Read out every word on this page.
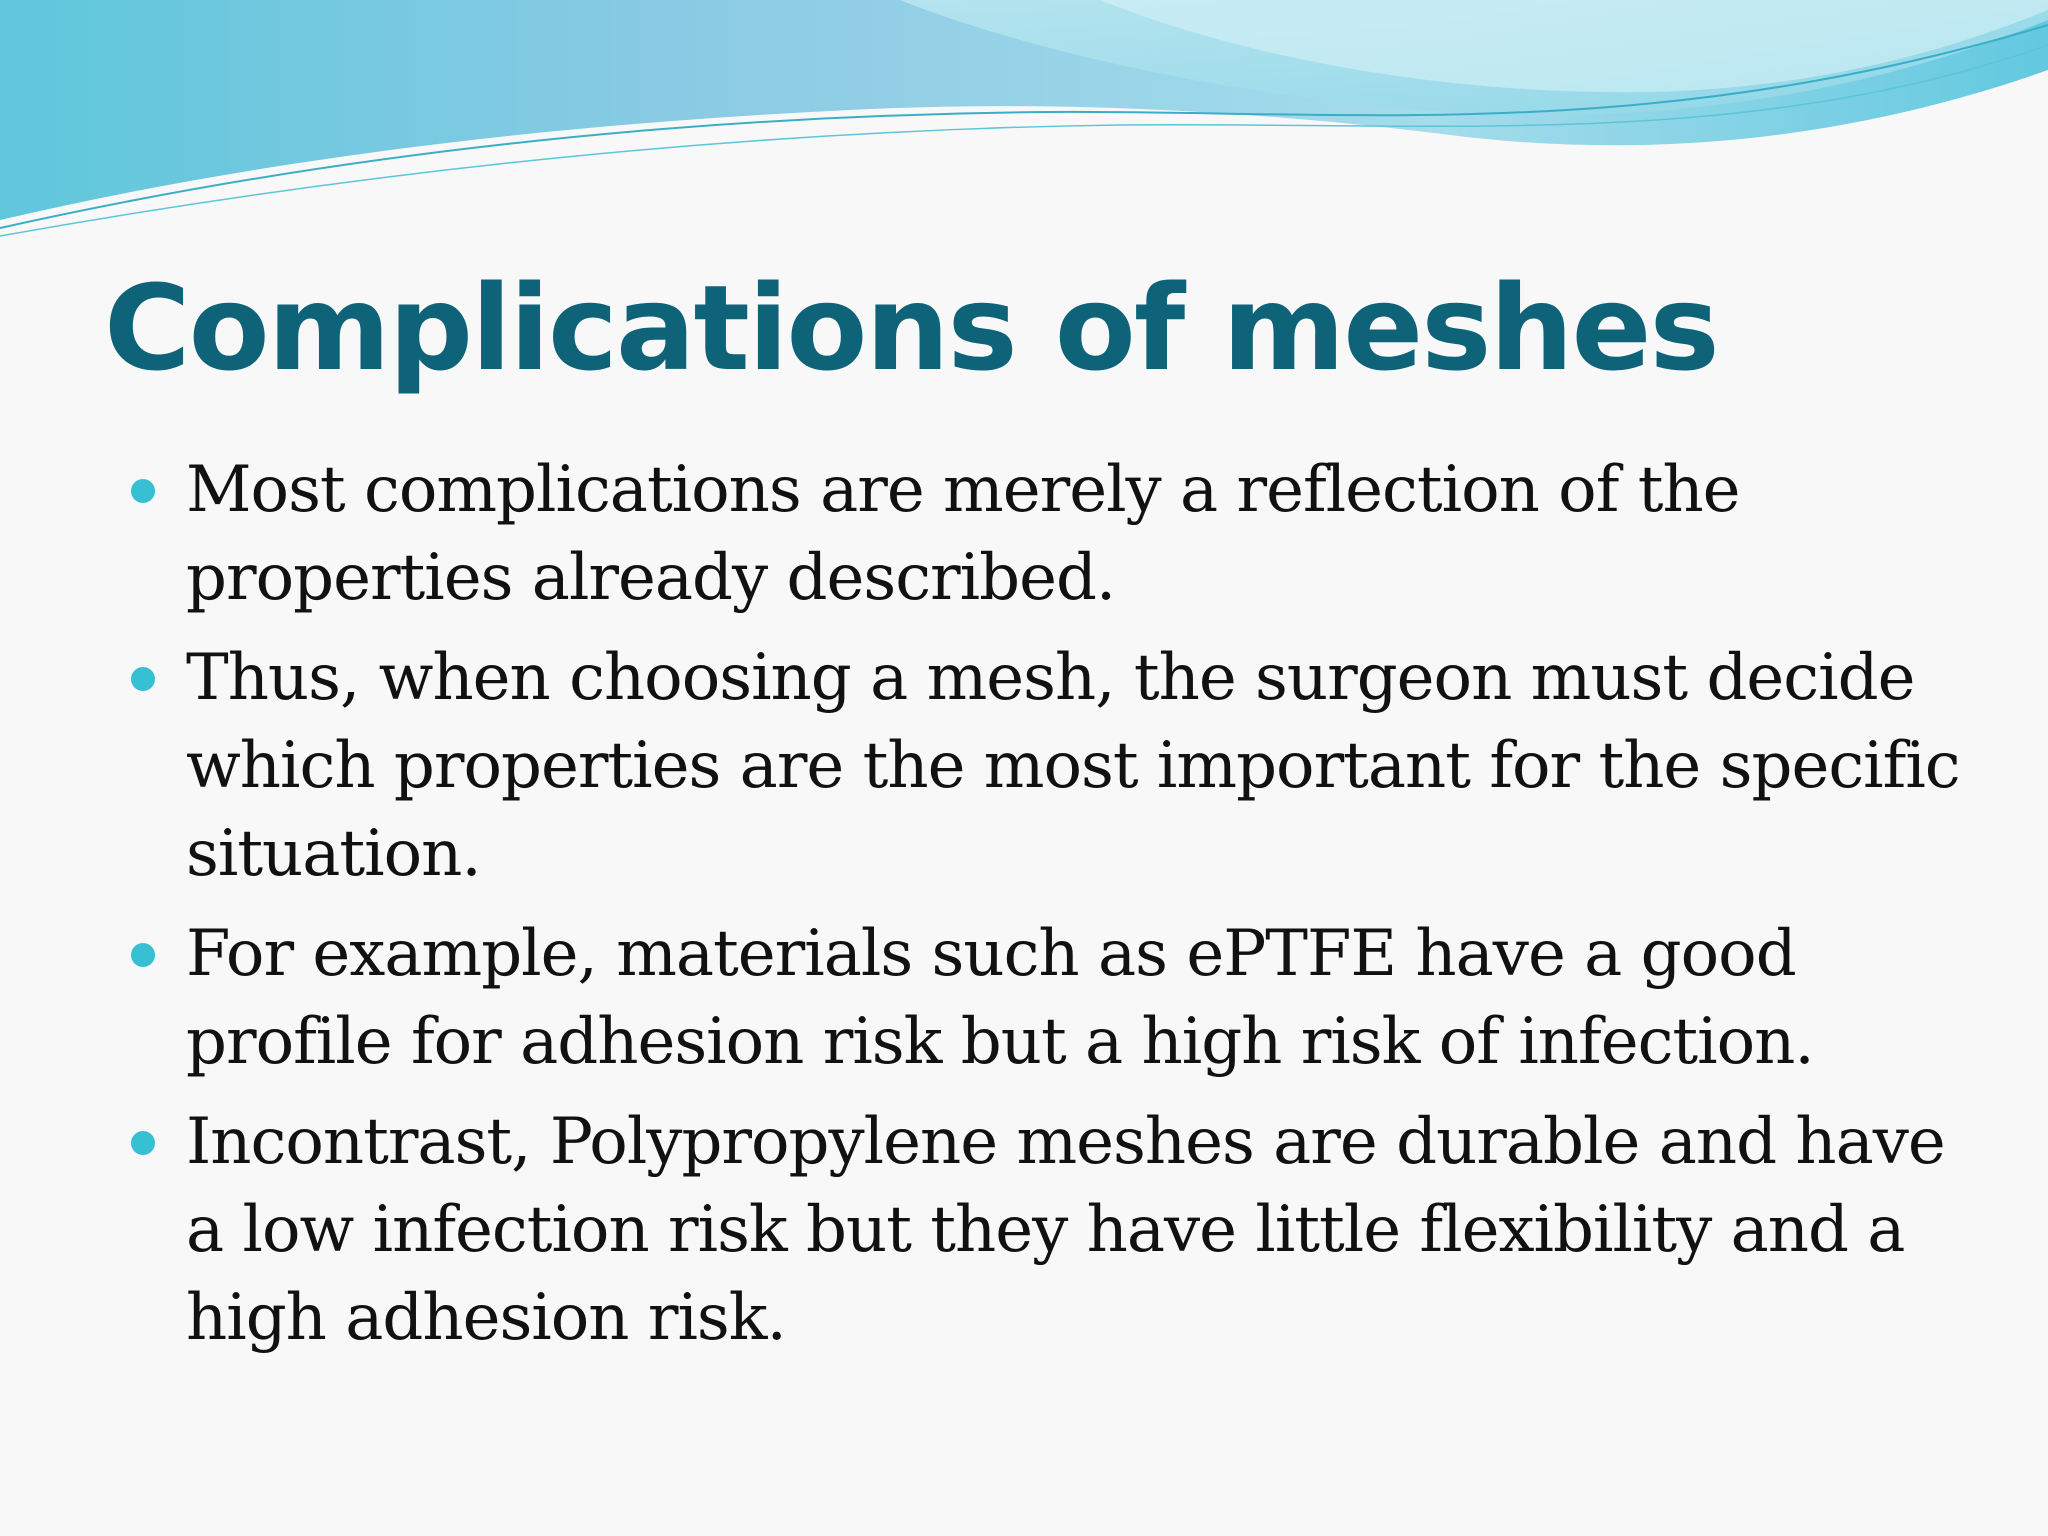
Complications of meshes
Most complications are merely a reflection of the properties already described.
Thus, when choosing a mesh, the surgeon must decide which properties are the most important for the specific situation.
For example, materials such as ePTFE have a good profile for adhesion risk but a high risk of infection.
Incontrast, Polypropylene meshes are durable and have a low infection risk but they have little flexibility and a high adhesion risk.
